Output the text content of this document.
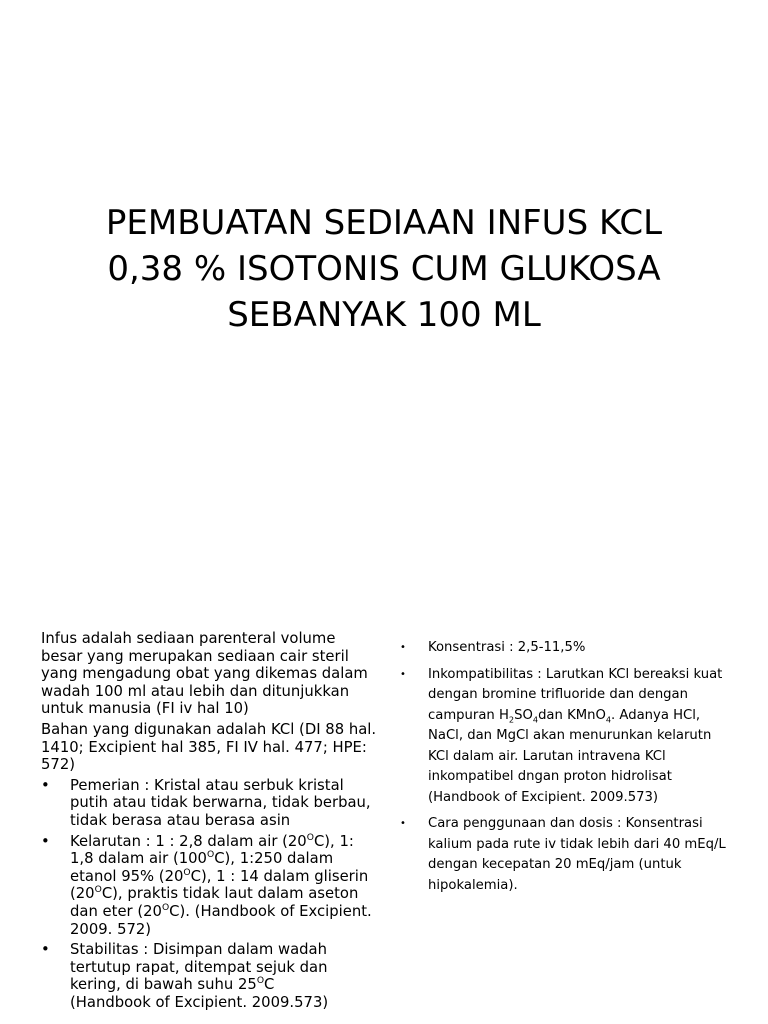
PEMBUATAN SEDIAAN INFUS KCL
0,38 % ISOTONIS CUM GLUKOSA
SEBANYAK 100 ML

Infus adalah sediaan parenteral volume besar yang merupakan sediaan cair steril yang mengadung obat yang dikemas dalam wadah 100 ml atau lebih dan ditunjukkan untuk manusia (FI iv hal 10)

Bahan yang digunakan adalah KCl (DI 88 hal. 1410; Excipient hal 385, FI IV hal. 477; HPE: 572)

• Pemerian : Kristal atau serbuk kristal putih atau tidak berwarna, tidak berbau, tidak berasa atau berasa asin
• Kelarutan : 1 : 2,8 dalam air $(20^OC)$, 1: 1,8 dalam air $(100^OC)$, 1:250 dalam etanol 95% $(20^OC)$, 1 : 14 dalam gliserin $(20^OC)$, praktis tidak laut dalam aseton dan eter $(20^OC)$. (Handbook of Excipient. 2009. 572)
• Stabilitas : Disimpan dalam wadah tertutup rapat, ditempat sejuk dan kering, di bawah suhu $25^OC$
(Handbook of Excipient. 2009.573)
• Konsentrasi : 2,5-11,5%
• Inkompatibilitas : Larutkan KCl bereaksi kuat dengan bromine trifluoride dan dengan campuran $H_2SO_4dan$ KMnO$_4$. Adanya HCl, NaCl, dan MgCl akan menurunkan kelarutn KCl dalam air. Larutan intravena KCl inkompatibel dngan proton hidrolisat (Handbook of Excipient. 2009.573)
• Cara penggunaan dan dosis : Konsentrasi kalium pada rute iv tidak lebih dari 40 mEq/L dengan kecepatan 20 mEq/jam (untuk hipokalemia).
